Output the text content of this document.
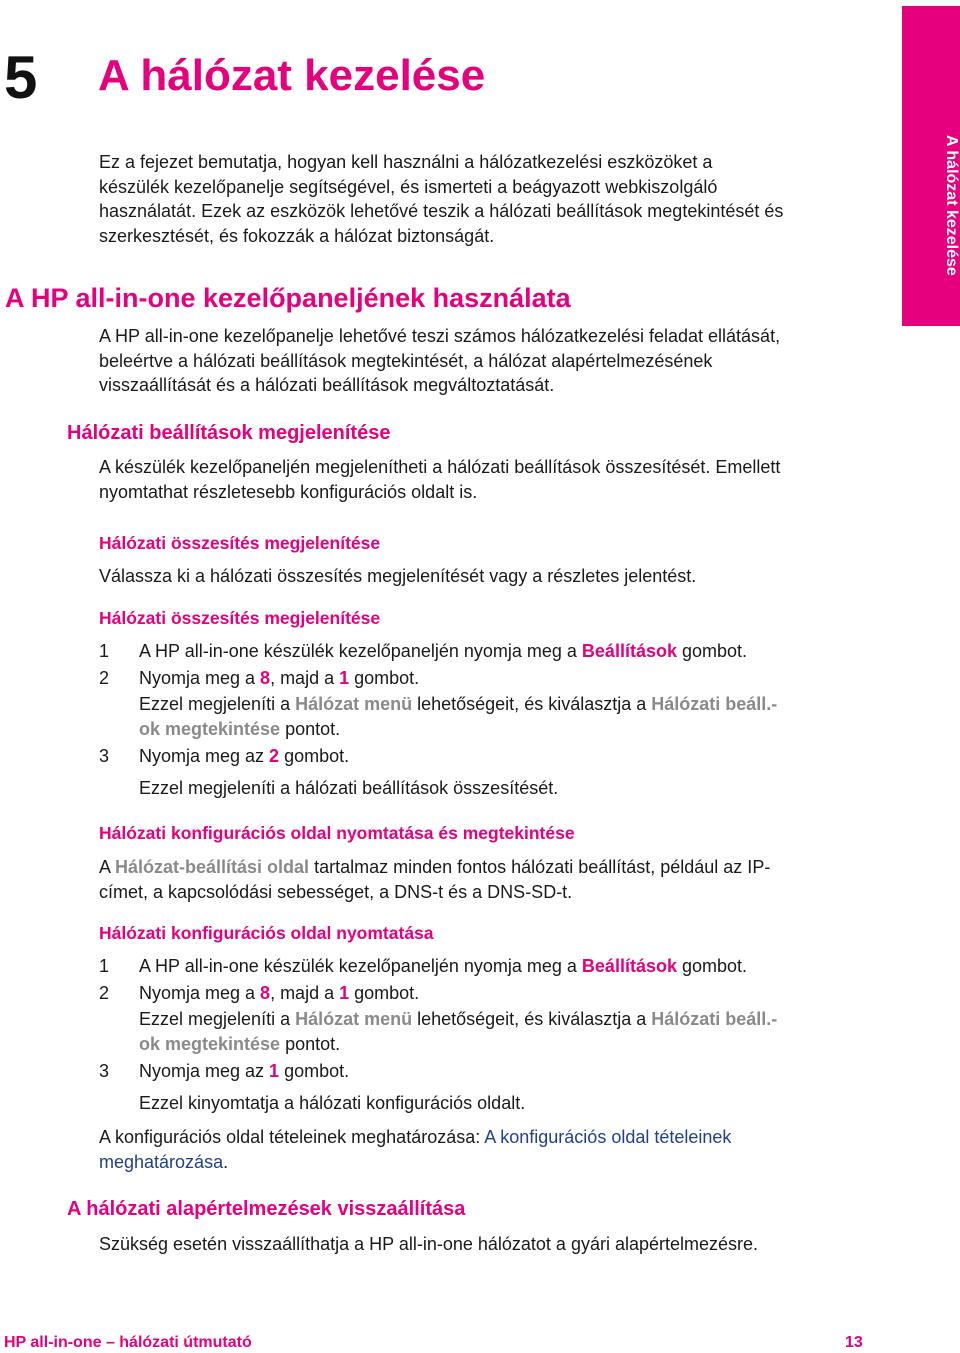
A hálózat kezelése
5 A hálózat kezelése
Ez a fejezet bemutatja, hogyan kell használni a hálózatkezelési eszközöket a
készülék kezelőpanelje segítségével, és ismerteti a beágyazott webkiszolgáló
használatát. Ezek az eszközök lehetővé teszik a hálózati beállítások megtekintését és
szerkesztését, és fokozzák a hálózat biztonságát.
A HP all-in-one kezelőpaneljének használata
A HP all-in-one kezelőpanelje lehetővé teszi számos hálózatkezelési feladat ellátását,
beleértve a hálózati beállítások megtekintését, a hálózat alapértelmezésének
visszaállítását és a hálózati beállítások megváltoztatását.
Hálózati beállítások megjelenítése
A készülék kezelőpaneljén megjelenítheti a hálózati beállítások összesítését. Emellett
nyomtathat részletesebb konfigurációs oldalt is.
Hálózati összesítés megjelenítése
Válassza ki a hálózati összesítés megjelenítését vagy a részletes jelentést.
Hálózati összesítés megjelenítése
1 A HP all-in-one készülék kezelőpaneljén nyomja meg a Beállítások gombot.
2 Nyomja meg a 8, majd a 1 gombot.
Ezzel megjeleníti a Hálózat menü lehetőségeit, és kiválasztja a Hálózati beáll.-
ok megtekintése pontot.
3 Nyomja meg az 2 gombot.
Ezzel megjeleníti a hálózati beállítások összesítését.
Hálózati konfigurációs oldal nyomtatása és megtekintése
A Hálózat-beállítási oldal tartalmaz minden fontos hálózati beállítást, például az IP-
címet, a kapcsolódási sebességet, a DNS-t és a DNS-SD-t.
Hálózati konfigurációs oldal nyomtatása
1 A HP all-in-one készülék kezelőpaneljén nyomja meg a Beállítások gombot.
2 Nyomja meg a 8, majd a 1 gombot.
Ezzel megjeleníti a Hálózat menü lehetőségeit, és kiválasztja a Hálózati beáll.-
ok megtekintése pontot.
3 Nyomja meg az 1 gombot.
Ezzel kinyomtatja a hálózati konfigurációs oldalt.
A konfigurációs oldal tételeinek meghatározása: A konfigurációs oldal tételeinek
meghatározása.
A hálózati alapértelmezések visszaállítása
Szükség esetén visszaállíthatja a HP all-in-one hálózatot a gyári alapértelmezésre.
HP all-in-one – hálózati útmutató	13
